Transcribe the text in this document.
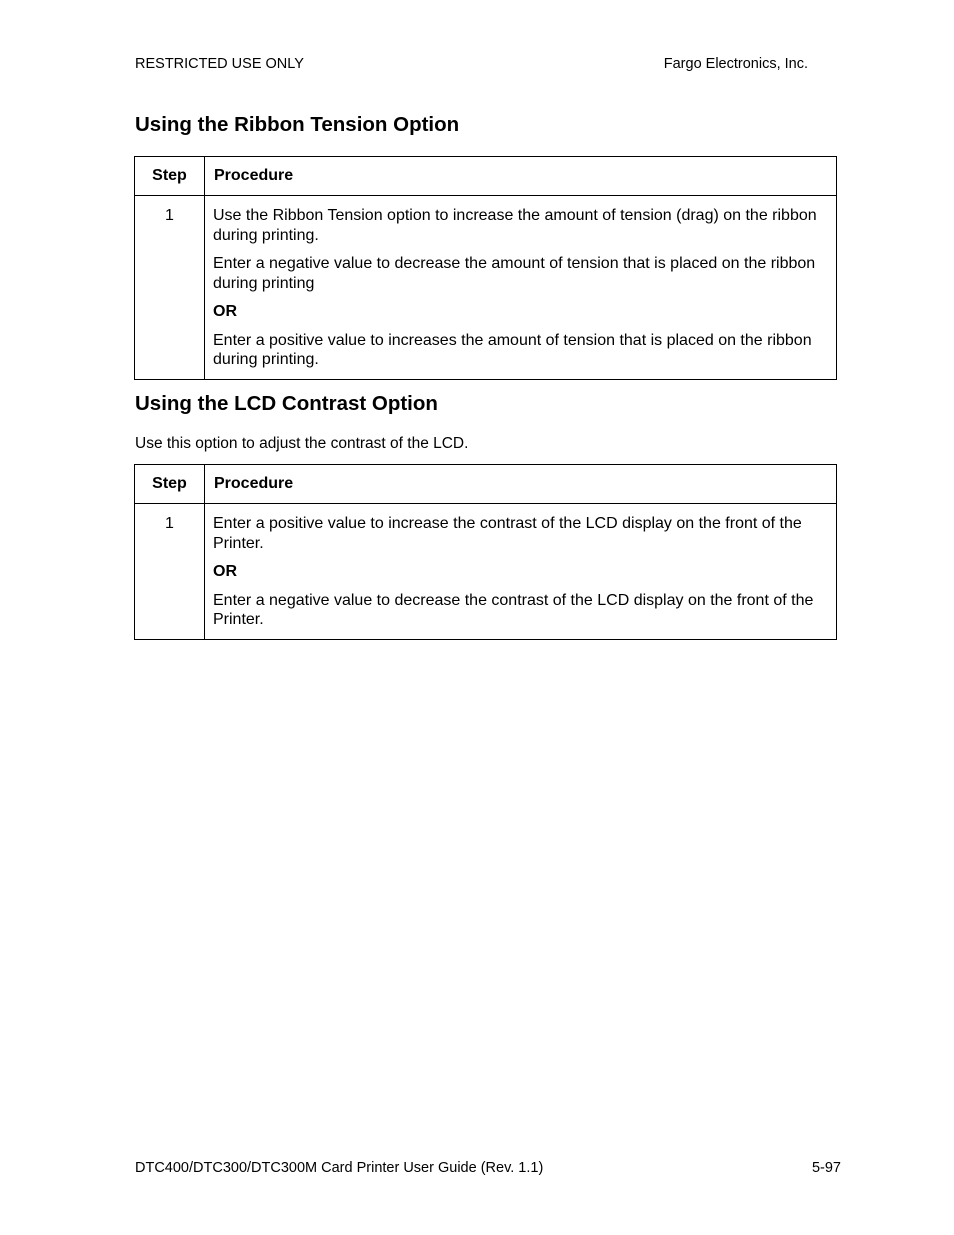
RESTRICTED USE ONLY	Fargo Electronics, Inc.
Using the Ribbon Tension Option
Step	Procedure
1	Use the Ribbon Tension option to increase the amount of tension (drag) on the ribbon during printing.

Enter a negative value to decrease the amount of tension that is placed on the ribbon during printing

OR

Enter a positive value to increases the amount of tension that is placed on the ribbon during printing.

Using the LCD Contrast Option

Use this option to adjust the contrast of the LCD.

Step	Procedure
1	Enter a positive value to increase the contrast of the LCD display on the front of the Printer.

OR

Enter a negative value to decrease the contrast of the LCD display on the front of the Printer.

DTC400/DTC300/DTC300M Card Printer User Guide (Rev. 1.1)	5-97
